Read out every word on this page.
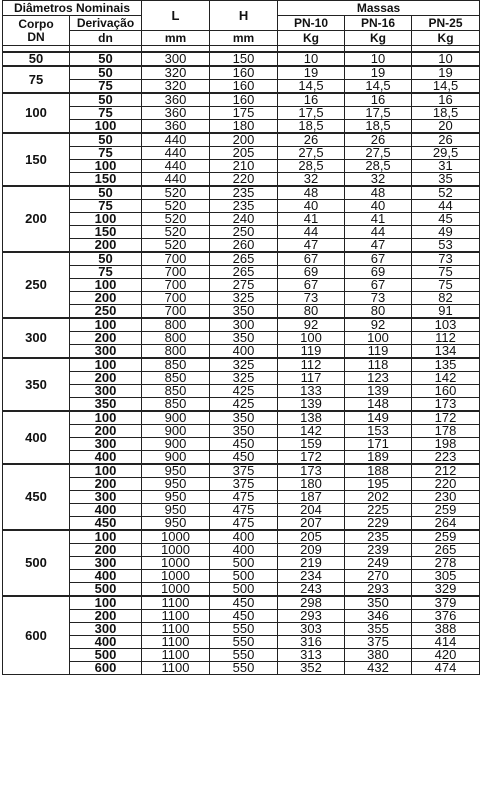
Diâmetros Nominais		L	H	Massas		

Corpo
DN	Derivação			PN-10	PN-16	PN-25
	dn	mm	mm	Kg	Kg	Kg

50	50	300	150	10	10	10
75	50	320	160	19	19	19
	75	320	160	14,5	14,5	14,5
100	50	360	160	16	16	16
	75	360	175	17,5	17,5	18,5
	100	360	180	18,5	18,5	20
150	50	440	200	26	26	26
	75	440	205	27,5	27,5	29,5
	100	440	210	28,5	28,5	31
	150	440	220	32	32	35
200	50	520	235	48	48	52
	75	520	235	40	40	44
	100	520	240	41	41	45
	150	520	250	44	44	49
	200	520	260	47	47	53
250	50	700	265	67	67	73
	75	700	265	69	69	75
	100	700	275	67	67	75
	200	700	325	73	73	82
	250	700	350	80	80	91
300	100	800	300	92	92	103
	200	800	350	100	100	112
	300	800	400	119	119	134
350	100	850	325	112	118	135
	200	850	325	117	123	142
	300	850	425	133	139	160
	350	850	425	139	148	173
400	100	900	350	138	149	172
	200	900	350	142	153	178
	300	900	450	159	171	198
	400	900	450	172	189	223
450	100	950	375	173	188	212
	200	950	375	180	195	220
	300	950	475	187	202	230
	400	950	475	204	225	259
	450	950	475	207	229	264
500	100	1000	400	205	235	259
	200	1000	400	209	239	265
	300	1000	500	219	249	278
	400	1000	500	234	270	305
	500	1000	500	243	293	329
600	100	1100	450	298	350	379
	200	1100	450	293	346	376
	300	1100	550	303	355	388
	400	1100	550	316	375	414
	500	1100	550	313	380	420
	600	1100	550	352	432	474
